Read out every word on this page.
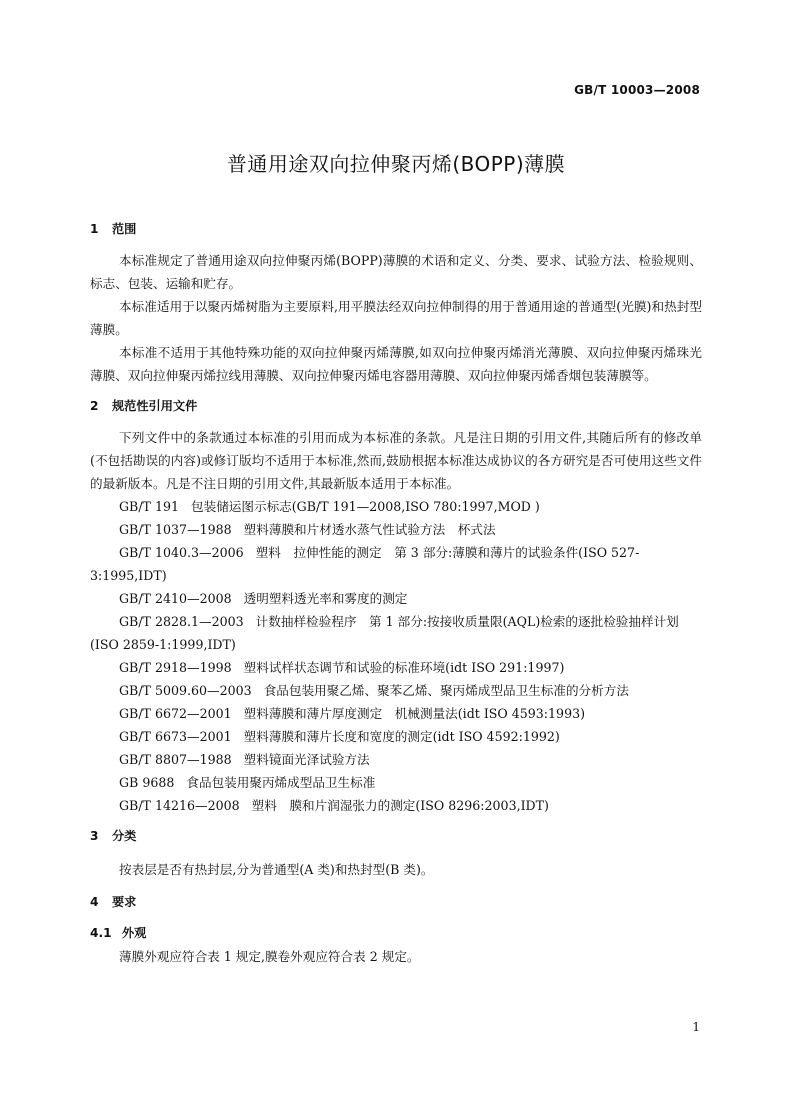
GB/T 10003—2008
普通用途双向拉伸聚丙烯(BOPP)薄膜
1 范围

本标准规定了普通用途双向拉伸聚丙烯(BOPP)薄膜的术语和定义、分类、要求、试验方法、检验规则、标志、包装、运输和贮存。

本标准适用于以聚丙烯树脂为主要原料,用平膜法经双向拉伸制得的用于普通用途的普通型(光膜)和热封型薄膜。

本标准不适用于其他特殊功能的双向拉伸聚丙烯薄膜,如双向拉伸聚丙烯消光薄膜、双向拉伸聚丙烯珠光薄膜、双向拉伸聚丙烯拉线用薄膜、双向拉伸聚丙烯电容器用薄膜、双向拉伸聚丙烯香烟包装薄膜等。

2 规范性引用文件

下列文件中的条款通过本标准的引用而成为本标准的条款。凡是注日期的引用文件,其随后所有的修改单(不包括勘误的内容)或修订版均不适用于本标准,然而,鼓励根据本标准达成协议的各方研究是否可使用这些文件的最新版本。凡是不注日期的引用文件,其最新版本适用于本标准。

GB/T 191 包装储运图示标志(GB/T 191—2008,ISO 780:1997,MOD )

GB/T 1037—1988 塑料薄膜和片材透水蒸气性试验方法　杯式法

GB/T 1040.3—2006 塑料　拉伸性能的测定　第 3 部分:薄膜和薄片的试验条件(ISO 527-3:1995,IDT)

GB/T 2410—2008 透明塑料透光率和雾度的测定

GB/T 2828.1—2003 计数抽样检验程序　第 1 部分:按接收质量限(AQL)检索的逐批检验抽样计划(ISO 2859-1:1999,IDT)

GB/T 2918—1998 塑料试样状态调节和试验的标准环境(idt ISO 291:1997)

GB/T 5009.60—2003 食品包装用聚乙烯、聚苯乙烯、聚丙烯成型品卫生标准的分析方法

GB/T 6672—2001 塑料薄膜和薄片厚度测定　机械测量法(idt ISO 4593:1993)

GB/T 6673—2001 塑料薄膜和薄片长度和宽度的测定(idt ISO 4592:1992)

GB/T 8807—1988 塑料镜面光泽试验方法

GB 9688 食品包装用聚丙烯成型品卫生标准

GB/T 14216—2008 塑料　膜和片润湿张力的测定(ISO 8296:2003,IDT)

3 分类

按表层是否有热封层,分为普通型(A 类)和热封型(B 类)。

4 要求
4.1 外观

薄膜外观应符合表 1 规定,膜卷外观应符合表 2 规定。

1
